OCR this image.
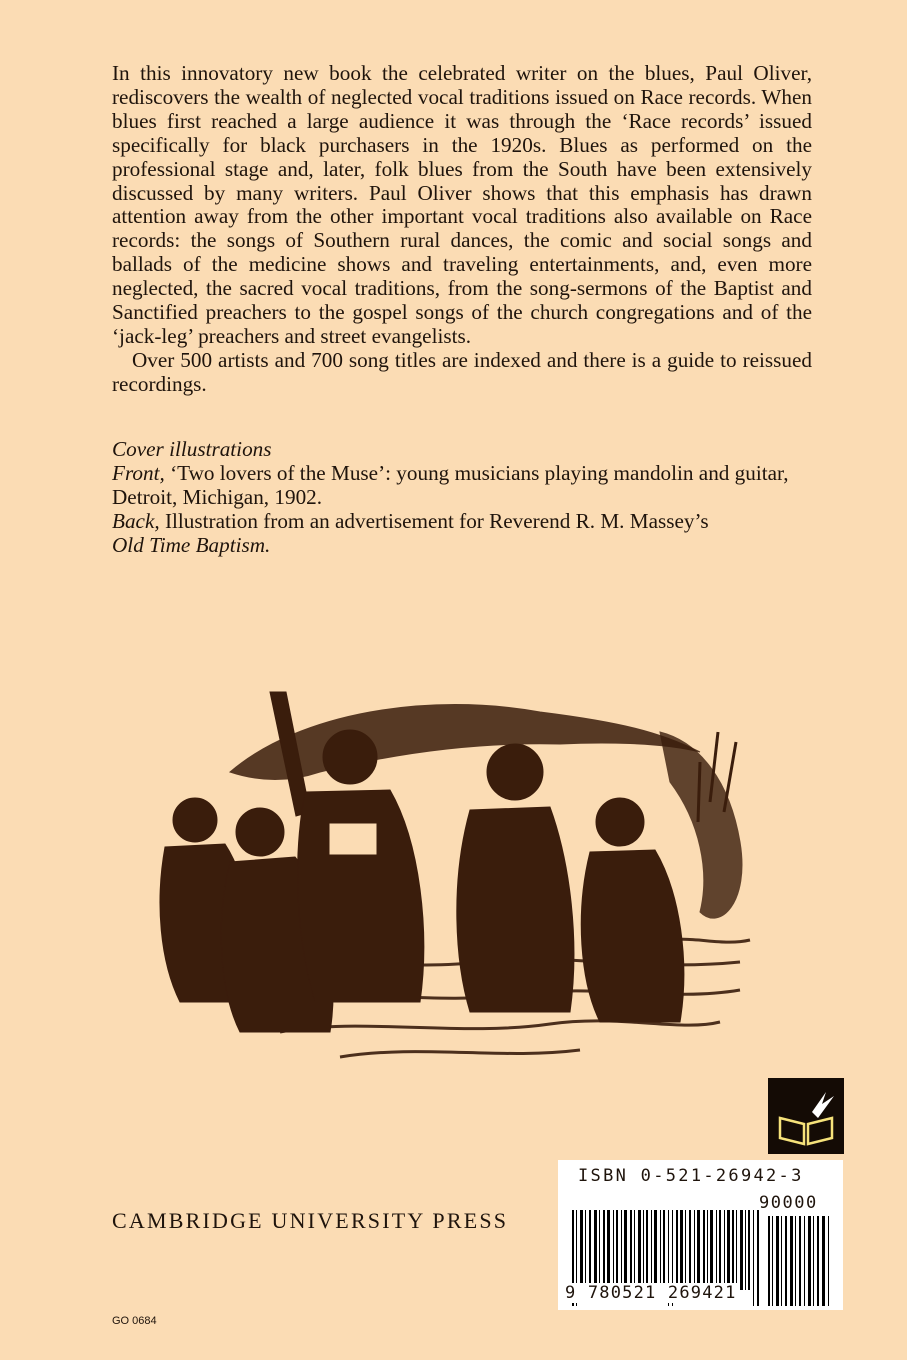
In this innovatory new book the celebrated writer on the blues, Paul Oliver, rediscovers the wealth of neglected vocal traditions issued on Race records. When blues first reached a large audience it was through the ‘Race records’ issued specifically for black purchasers in the 1920s. Blues as performed on the professional stage and, later, folk blues from the South have been extensively discussed by many writers. Paul Oliver shows that this emphasis has drawn attention away from the other important vocal traditions also available on Race records: the songs of Southern rural dances, the comic and social songs and ballads of the medicine shows and traveling entertainments, and, even more neglected, the sacred vocal traditions, from the song-sermons of the Baptist and Sanctified preachers to the gospel songs of the church congregations and of the ‘jack-leg’ preachers and street evangelists.

Over 500 artists and 700 song titles are indexed and there is a guide to reissued recordings.

Cover illustrations
Front, ‘Two lovers of the Muse’: young musicians playing mandolin and guitar, Detroit, Michigan, 1902.
Back, Illustration from an advertisement for Reverend R. M. Massey’s
Old Time Baptism.
CAMBRIDGE UNIVERSITY PRESS
ISBN 0-521-26942-3
90000
9 780521 269421
GO 0684
